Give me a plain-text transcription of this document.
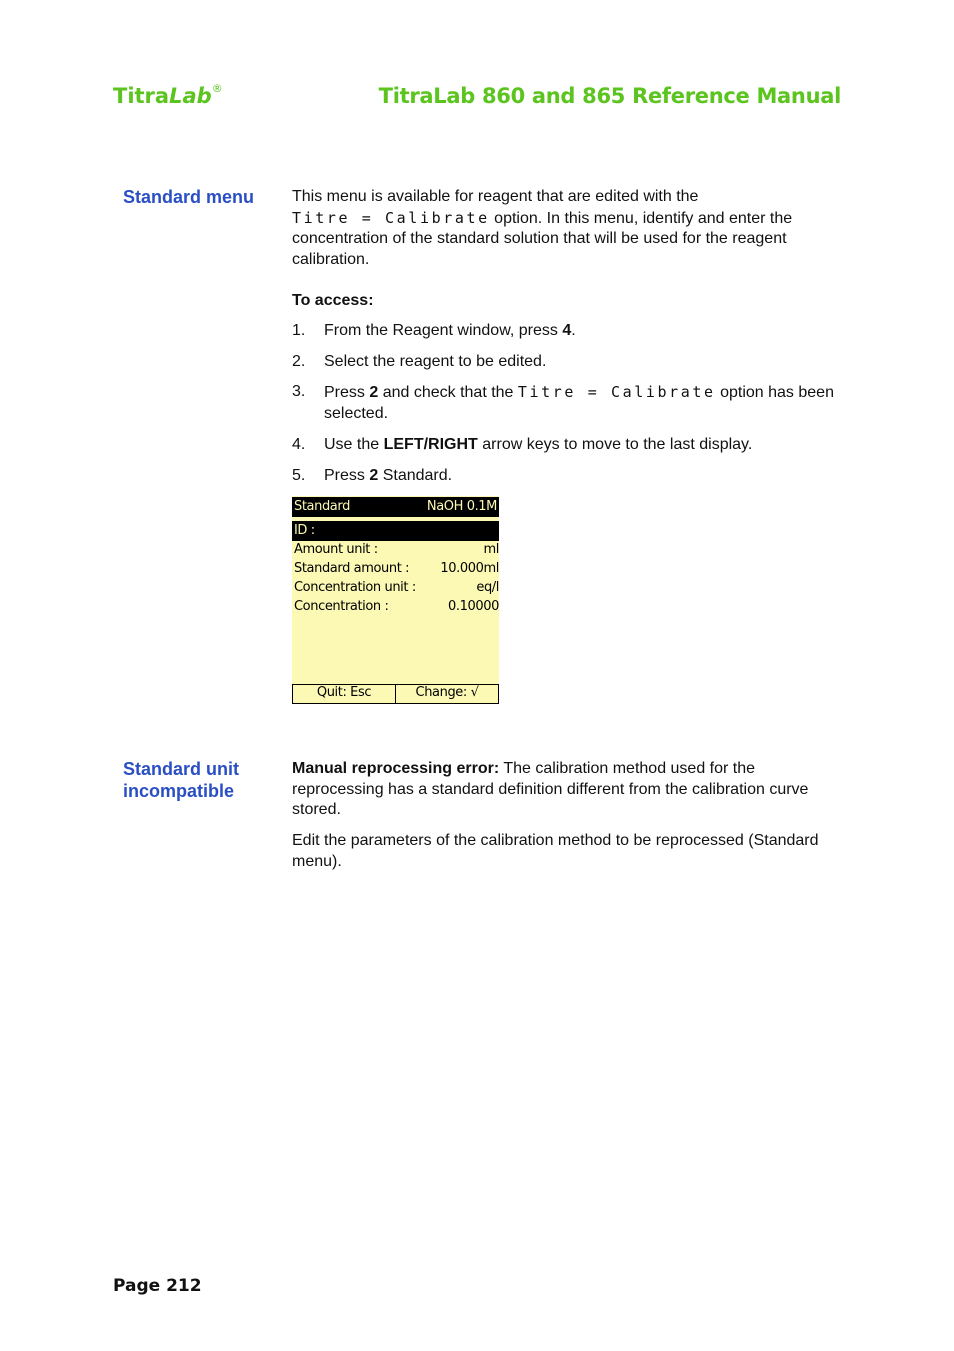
TitraLab®	TitraLab 860 and 865 Reference Manual
Standard menu This menu is available for reagent that are edited with the
Titre = Calibrate option. In this menu, identify and enter the concentration of the standard solution that will be used for the reagent calibration.
To access:
1. From the Reagent window, press 4.
2. Select the reagent to be edited.
3. Press 2 and check that the Titre = Calibrate option has been selected.
4. Use the LEFT/RIGHT arrow keys to move to the last display.
5. Press 2 Standard.
Standard	NaOH 0.1M
ID :
Amount unit :	ml
Standard amount : 10.000ml
Concentration unit :	eq/l
Concentration :	0.10000
Quit: Esc	Change: √
Standard unit incompatible
Manual reprocessing error: The calibration method used for the reprocessing has a standard definition different from the calibration curve stored.
Edit the parameters of the calibration method to be reprocessed (Standard menu).
Page 212
